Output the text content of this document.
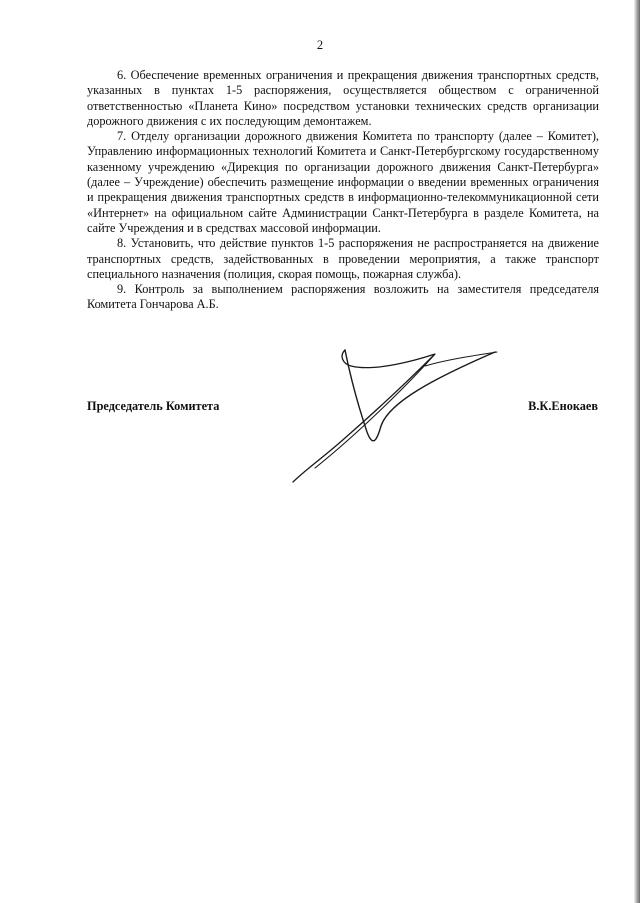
2

6. Обеспечение временных ограничения и прекращения движения транспортных средств, указанных в пунктах 1-5 распоряжения, осуществляется обществом с ограниченной ответственностью «Планета Кино» посредством установки технических средств организации дорожного движения с их последующим демонтажем.

7. Отделу организации дорожного движения Комитета по транспорту (далее – Комитет), Управлению информационных технологий Комитета и Санкт-Петербургскому государственному казенному учреждению «Дирекция по организации дорожного движения Санкт-Петербурга» (далее – Учреждение) обеспечить размещение информации о введении временных ограничения и прекращения движения транспортных средств в информационно-телекоммуникационной сети «Интернет» на официальном сайте Администрации Санкт-Петербурга в разделе Комитета, на сайте Учреждения и в средствах массовой информации.

8. Установить, что действие пунктов 1-5 распоряжения не распространяется на движение транспортных средств, задействованных в проведении мероприятия, а также транспорт специального назначения (полиция, скорая помощь, пожарная служба).

9. Контроль за выполнением распоряжения возложить на заместителя председателя Комитета Гончарова А.Б.

Председатель Комитета	В.К.Енокаев
